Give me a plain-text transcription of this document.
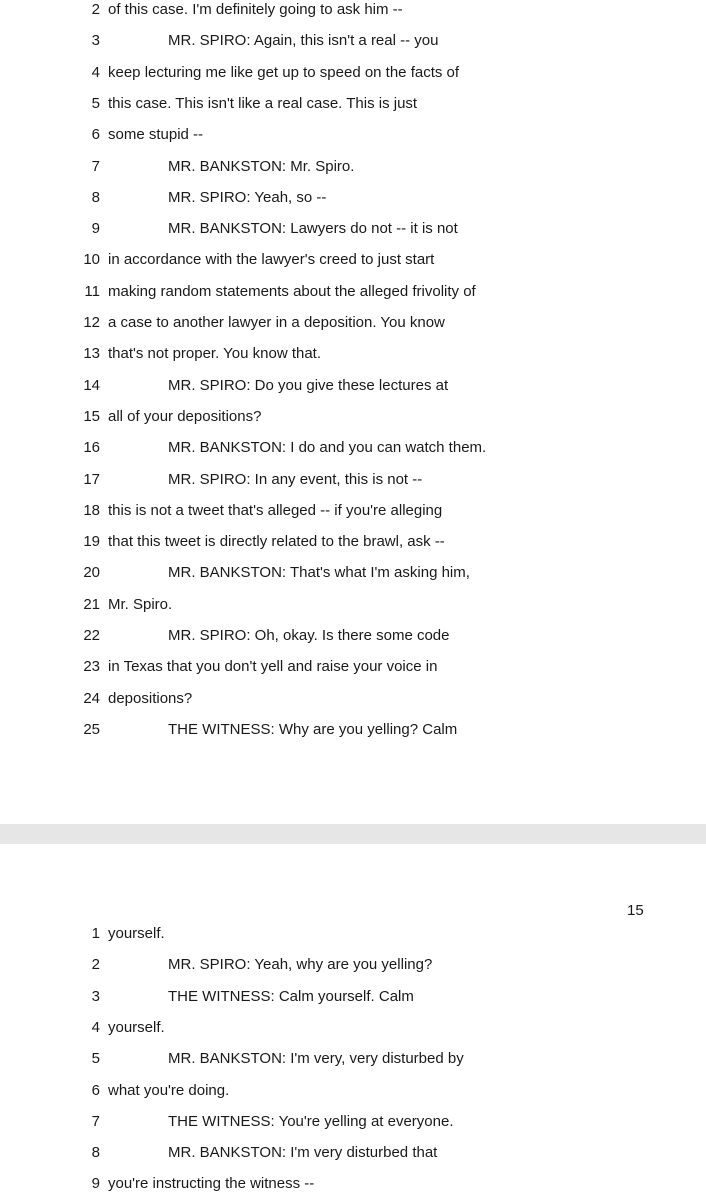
2 of this case. I'm definitely going to ask him --
3	MR. SPIRO: Again, this isn't a real -- you
4 keep lecturing me like get up to speed on the facts of
5 this case. This isn't like a real case. This is just
6 some stupid --
7	MR. BANKSTON: Mr. Spiro.
8	MR. SPIRO: Yeah, so --
9	MR. BANKSTON: Lawyers do not -- it is not
10 in accordance with the lawyer's creed to just start
11 making random statements about the alleged frivolity of
12 a case to another lawyer in a deposition. You know
13 that's not proper. You know that.
14	MR. SPIRO: Do you give these lectures at
15 all of your depositions?
16	MR. BANKSTON: I do and you can watch them.
17	MR. SPIRO: In any event, this is not --
18 this is not a tweet that's alleged -- if you're alleging
19 that this tweet is directly related to the brawl, ask --
20	MR. BANKSTON: That's what I'm asking him,
21 Mr. Spiro.
22	MR. SPIRO: Oh, okay. Is there some code
23 in Texas that you don't yell and raise your voice in
24 depositions?
25	THE WITNESS: Why are you yelling? Calm
15
1 yourself.
2	MR. SPIRO: Yeah, why are you yelling?
3	THE WITNESS: Calm yourself. Calm
4 yourself.
5	MR. BANKSTON: I'm very, very disturbed by
6 what you're doing.
7	THE WITNESS: You're yelling at everyone.
8	MR. BANKSTON: I'm very disturbed that
9 you're instructing the witness --
